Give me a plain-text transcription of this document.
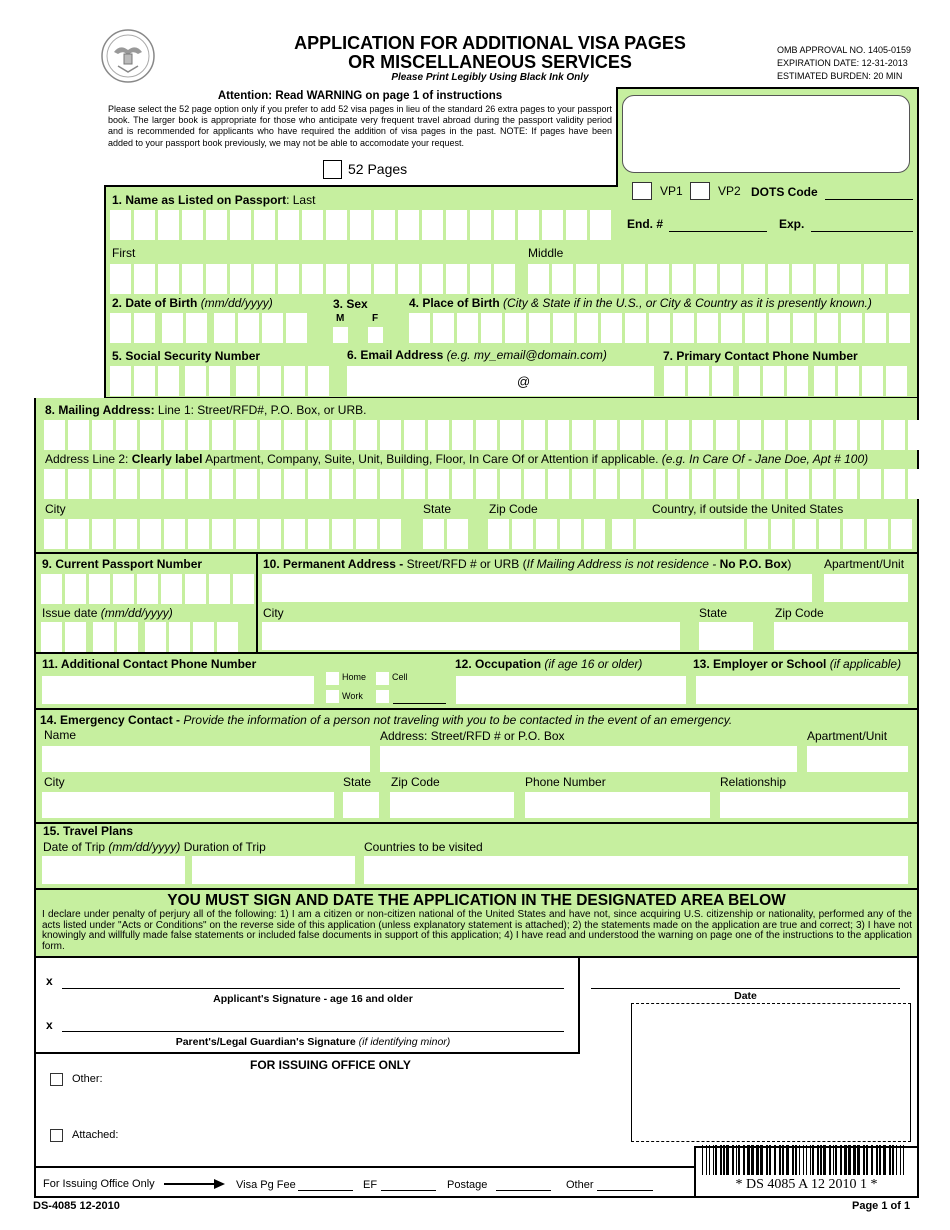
APPLICATION FOR ADDITIONAL VISA PAGES
OR MISCELLANEOUS SERVICES
Please Print Legibly Using Black Ink Only
OMB APPROVAL NO. 1405-0159
EXPIRATION DATE: 12-31-2013
ESTIMATED BURDEN: 20 MIN
Attention: Read WARNING on page 1 of instructions
Please select the 52 page option only if you prefer to add 52 visa pages in lieu of the standard 26 extra pages to your passport book. The larger book is appropriate for those who anticipate very frequent travel abroad during the passport validity period and is recommended for applicants who have required the addition of visa pages in the past. NOTE: If pages have been added to your passport book previously, we may not be able to accomodate your request.
52 Pages
VP1	VP2 DOTS Code
End. #	Exp.
1. Name as Listed on Passport: Last
First	Middle
2. Date of Birth (mm/dd/yyyy)	3. Sex
M	F
4. Place of Birth (City & State if in the U.S., or City & Country as it is presently known.)
5. Social Security Number	6. Email Address (e.g. my_email@domain.com)
@
7. Primary Contact Phone Number
8. Mailing Address: Line 1: Street/RFD#, P.O. Box, or URB.
Address Line 2: Clearly label Apartment, Company, Suite, Unit, Building, Floor, In Care Of or Attention if applicable. (e.g. In Care Of - Jane Doe, Apt # 100)
City	State	Zip Code	Country, if outside the United States
9. Current Passport Number
Issue date (mm/dd/yyyy)
10. Permanent Address - Street/RFD # or URB (If Mailing Address is not residence - No P.O. Box)	Apartment/Unit
City	State	Zip Code
11. Additional Contact Phone Number
Home	Cell
Work
12. Occupation (if age 16 or older)	13. Employer or School (if applicable)
14. Emergency Contact - Provide the information of a person not traveling with you to be contacted in the event of an emergency.
Name	Address: Street/RFD # or P.O. Box	Apartment/Unit
City	State Zip Code	Phone Number	Relationship
15. Travel Plans
Date of Trip (mm/dd/yyyy) Duration of Trip	Countries to be visited
YOU MUST SIGN AND DATE THE APPLICATION IN THE DESIGNATED AREA BELOW
I declare under penalty of perjury all of the following: 1) I am a citizen or non-citizen national of the United States and have not, since acquiring U.S. citizenship or nationality, performed any of the acts listed under "Acts or Conditions" on the reverse side of this application (unless explanatory statement is attached); 2) the statements made on the application are true and correct; 3) I have not knowingly and willfully made false statements or included false documents in support of this application; 4) I have read and understood the warning on page one of the instructions to the application form.
x
Applicant's Signature - age 16 and older
x
Parent's/Legal Guardian's Signature (if identifying minor)
Date
FOR ISSUING OFFICE ONLY
Other:
Attached:
For Issuing Office Only	Visa Pg Fee	EF	Postage	Other	* DS 4085 A 12 2010 1 *
DS-4085 12-2010	Page 1 of 1
